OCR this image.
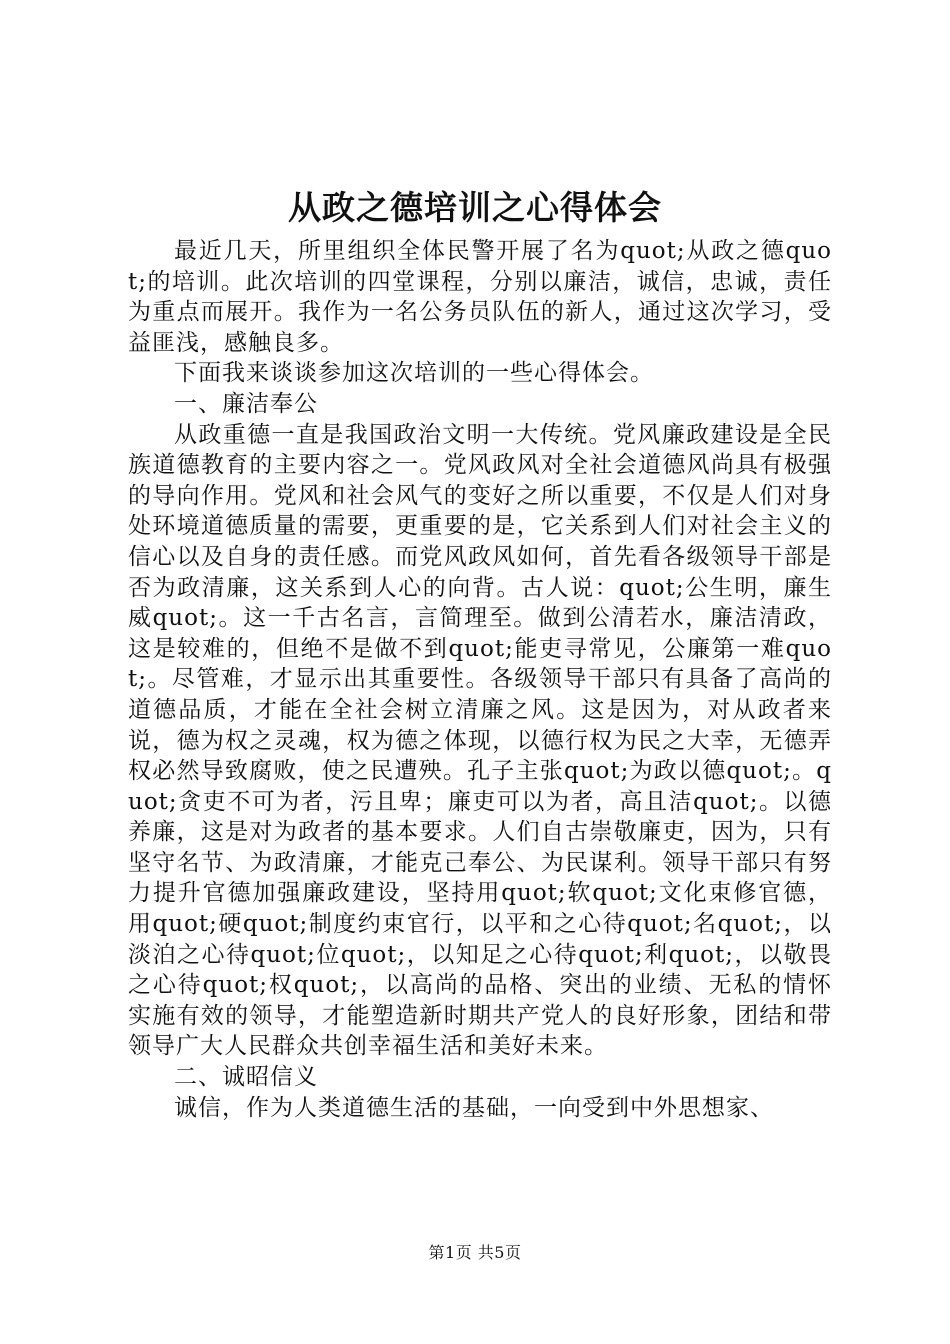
从政之德培训之心得体会

最近几天，所里组织全体民警开展了名为quot;从政之德quot;的培训。此次培训的四堂课程，分别以廉洁，诚信，忠诚，责任为重点而展开。我作为一名公务员队伍的新人，通过这次学习，受益匪浅，感触良多。

下面我来谈谈参加这次培训的一些心得体会。

一、廉洁奉公

从政重德一直是我国政治文明一大传统。党风廉政建设是全民族道德教育的主要内容之一。党风政风对全社会道德风尚具有极强的导向作用。党风和社会风气的变好之所以重要，不仅是人们对身处环境道德质量的需要，更重要的是，它关系到人们对社会主义的信心以及自身的责任感。而党风政风如何，首先看各级领导干部是否为政清廉，这关系到人心的向背。古人说：quot;公生明，廉生威quot;。这一千古名言，言简理至。做到公清若水，廉洁清政，这是较难的，但绝不是做不到quot;能吏寻常见，公廉第一难quot;。尽管难，才显示出其重要性。各级领导干部只有具备了高尚的道德品质，才能在全社会树立清廉之风。这是因为，对从政者来说，德为权之灵魂，权为德之体现，以德行权为民之大幸，无德弄权必然导致腐败，使之民遭殃。孔子主张quot;为政以德quot;。quot;贪吏不可为者，污且卑；廉吏可以为者，高且洁quot;。以德养廉，这是对为政者的基本要求。人们自古崇敬廉吏，因为，只有坚守名节、为政清廉，才能克己奉公、为民谋利。领导干部只有努力提升官德加强廉政建设，坚持用quot;软quot;文化束修官德，用quot;硬quot;制度约束官行，以平和之心待quot;名quot;，以淡泊之心待quot;位quot;，以知足之心待quot;利quot;，以敬畏之心待quot;权quot;，以高尚的品格、突出的业绩、无私的情怀实施有效的领导，才能塑造新时期共产党人的良好形象，团结和带领导广大人民群众共创幸福生活和美好未来。

二、诚昭信义

诚信，作为人类道德生活的基础，一向受到中外思想家、

第1页 共5页
